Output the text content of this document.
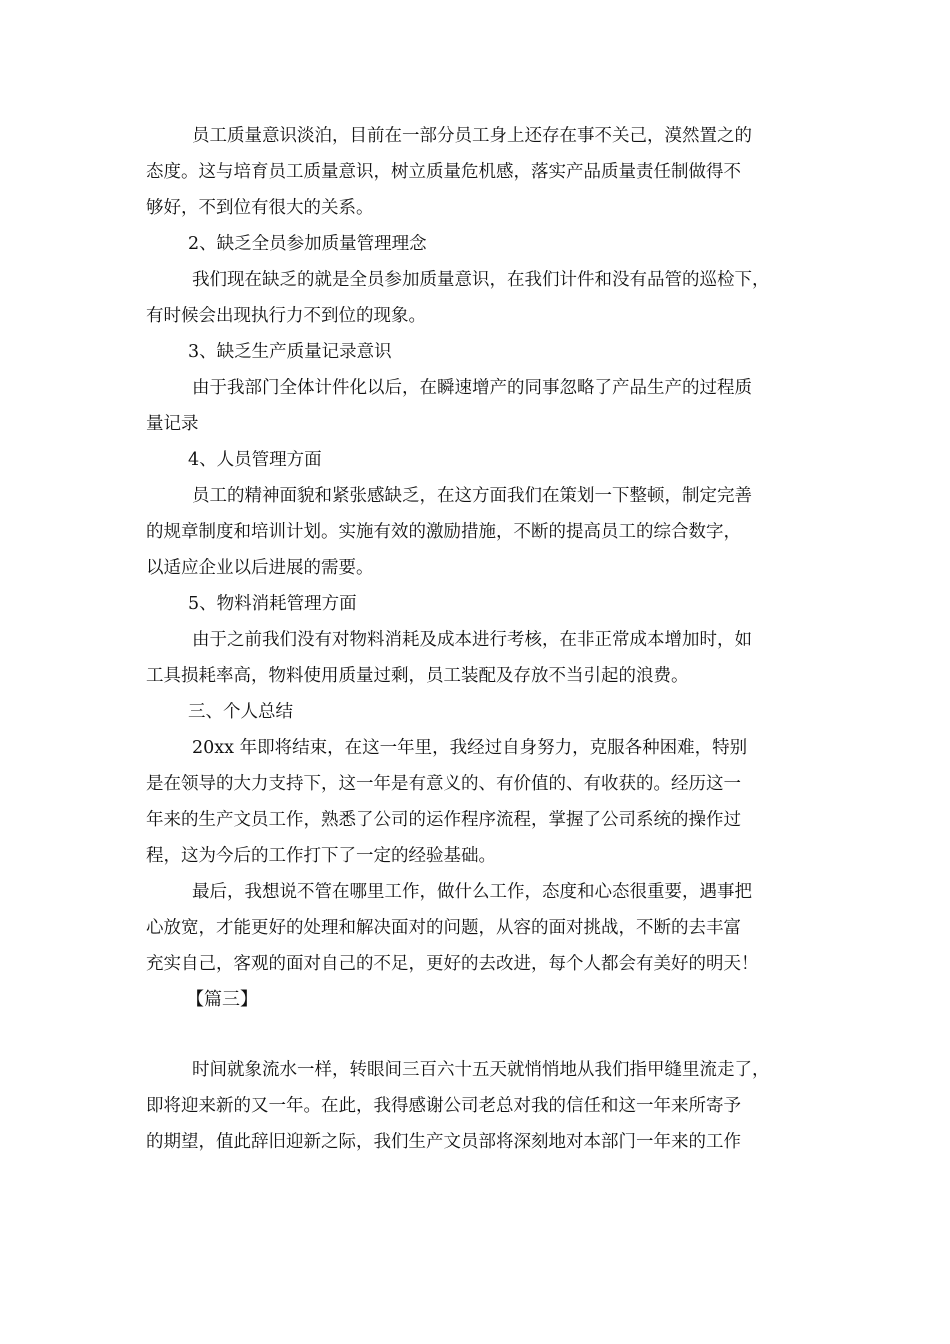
员工质量意识淡泊，目前在一部分员工身上还存在事不关己，漠然置之的
态度。这与培育员工质量意识，树立质量危机感，落实产品质量责任制做得不
够好，不到位有很大的关系。
2、缺乏全员参加质量管理理念
我们现在缺乏的就是全员参加质量意识，在我们计件和没有品管的巡检下，
有时候会出现执行力不到位的现象。
3、缺乏生产质量记录意识
由于我部门全体计件化以后，在瞬速增产的同事忽略了产品生产的过程质
量记录
4、人员管理方面
员工的精神面貌和紧张感缺乏，在这方面我们在策划一下整顿，制定完善
的规章制度和培训计划。实施有效的激励措施，不断的提高员工的综合数字，
以适应企业以后进展的需要。
5、物料消耗管理方面
由于之前我们没有对物料消耗及成本进行考核，在非正常成本增加时，如
工具损耗率高，物料使用质量过剩，员工装配及存放不当引起的浪费。
三、个人总结
20xx 年即将结束，在这一年里，我经过自身努力，克服各种困难，特别
是在领导的大力支持下，这一年是有意义的、有价值的、有收获的。经历这一
年来的生产文员工作，熟悉了公司的运作程序流程，掌握了公司系统的操作过
程，这为今后的工作打下了一定的经验基础。
最后，我想说不管在哪里工作，做什么工作，态度和心态很重要，遇事把
心放宽，才能更好的处理和解决面对的问题，从容的面对挑战，不断的去丰富
充实自己，客观的面对自己的不足，更好的去改进，每个人都会有美好的明天！
【篇三】
时间就象流水一样，转眼间三百六十五天就悄悄地从我们指甲缝里流走了，
即将迎来新的又一年。在此，我得感谢公司老总对我的信任和这一年来所寄予
的期望，值此辞旧迎新之际，我们生产文员部将深刻地对本部门一年来的工作
